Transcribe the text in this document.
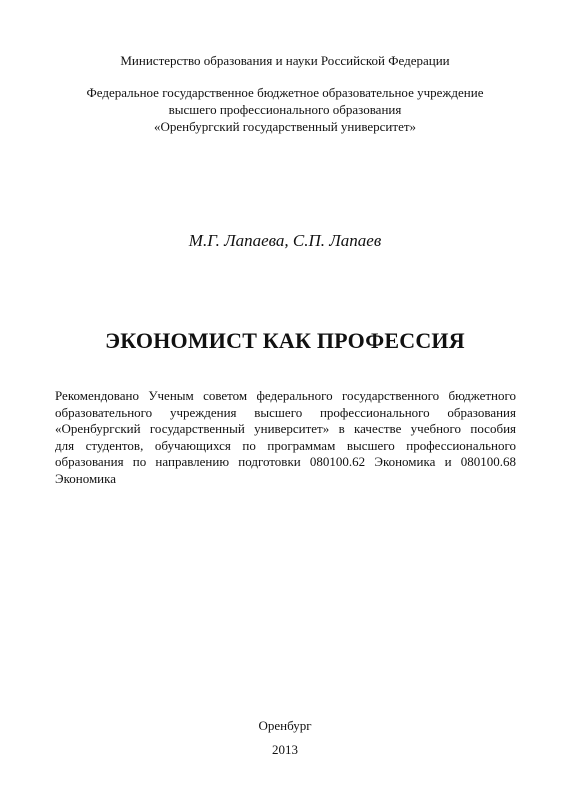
Министерство образования и науки Российской Федерации
Федеральное государственное бюджетное образовательное учреждение
высшего профессионального образования
«Оренбургский государственный университет»
М.Г. Лапаева, С.П. Лапаев
ЭКОНОМИСТ КАК ПРОФЕССИЯ
Рекомендовано Ученым советом федерального государственного бюджетного
образовательного учреждения высшего профессионального образования
«Оренбургский государственный университет» в качестве учебного пособия
для студентов, обучающихся по программам высшего профессионального
образования по направлению подготовки 080100.62 Экономика и 080100.68
Экономика
Оренбург
2013
